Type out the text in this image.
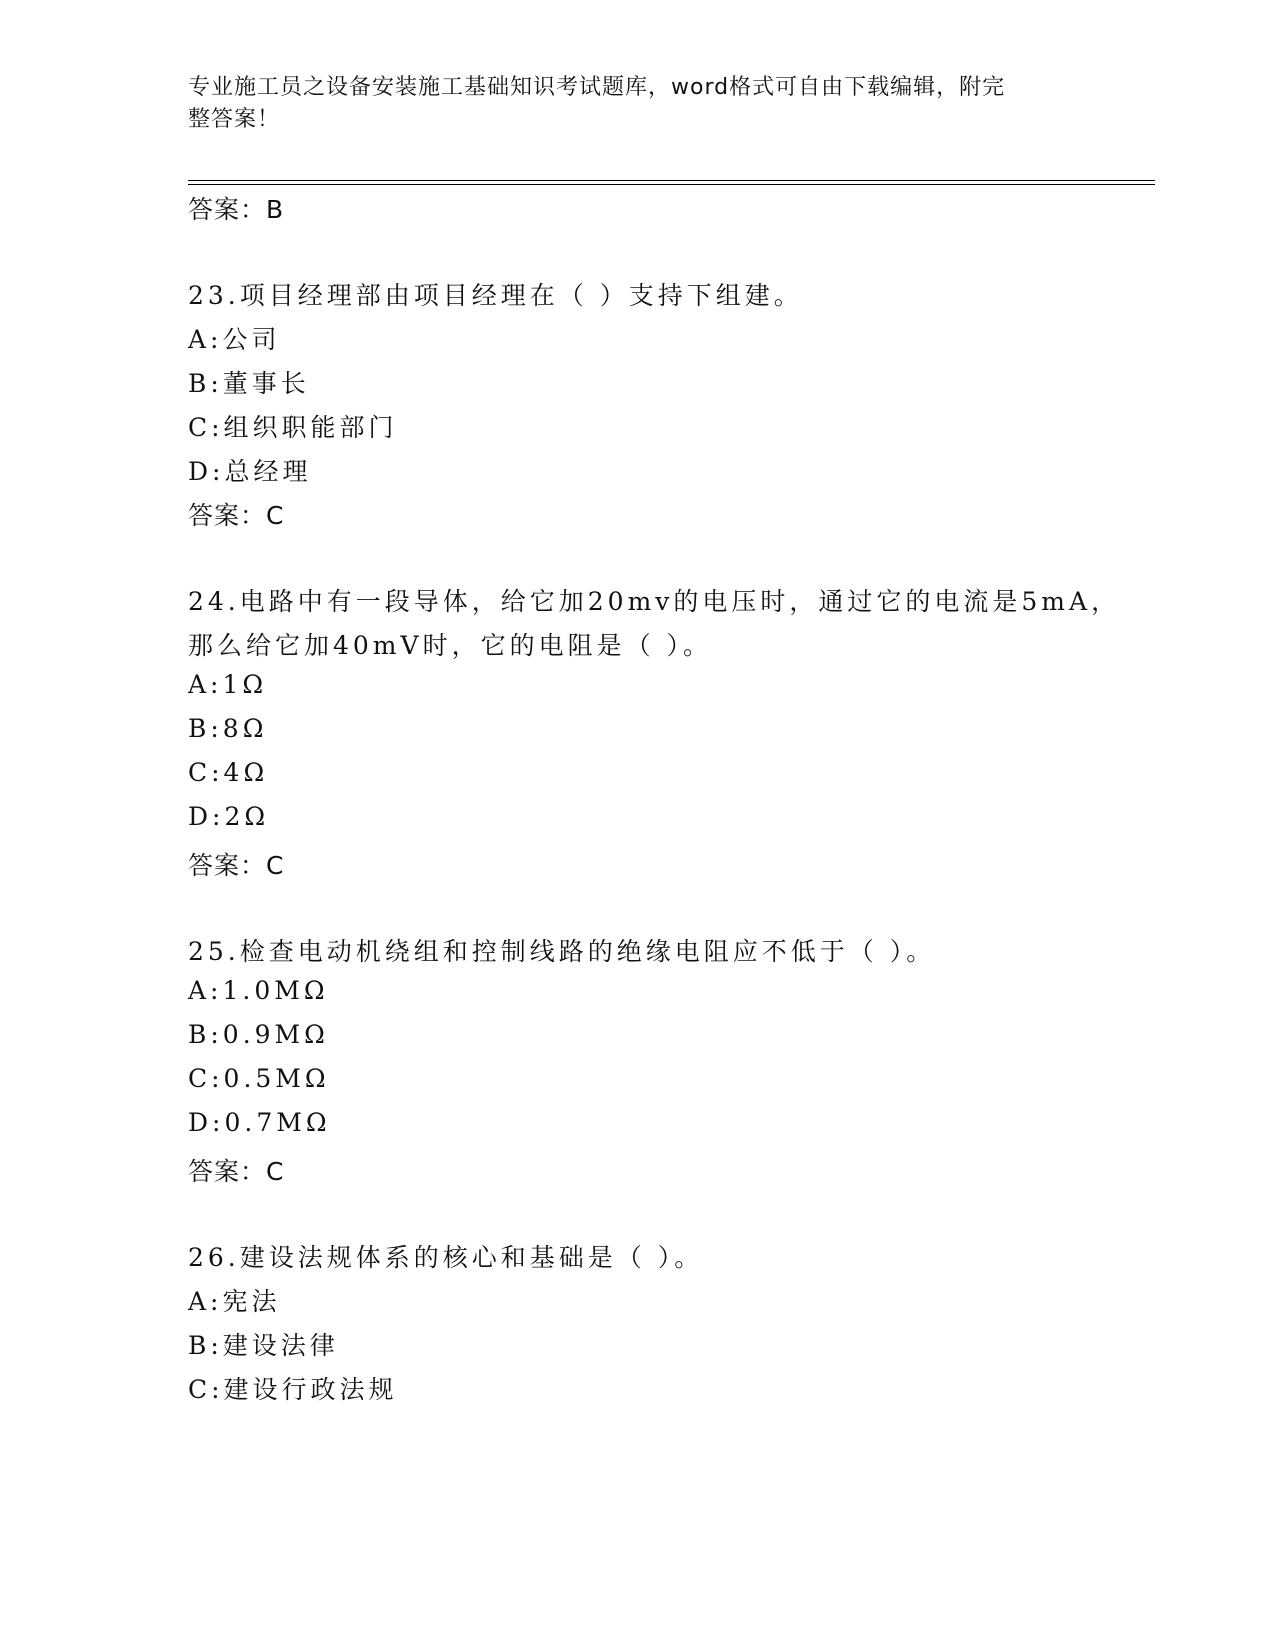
专业施工员之设备安装施工基础知识考试题库，word格式可自由下载编辑，附完
整答案！
答案：B
23.项目经理部由项目经理在（ ）支持下组建。
A:公司
B:董事长
C:组织职能部门
D:总经理
答案：C
24.电路中有一段导体，给它加20mv的电压时，通过它的电流是5mA，
那么给它加40mV时，它的电阻是（ ）。
A:1Ω
B:8Ω
C:4Ω
D:2Ω
答案：C
25.检查电动机绕组和控制线路的绝缘电阻应不低于（ ）。
A:1.0MΩ
B:0.9MΩ
C:0.5MΩ
D:0.7MΩ
答案：C
26.建设法规体系的核心和基础是（ ）。
A:宪法
B:建设法律
C:建设行政法规
